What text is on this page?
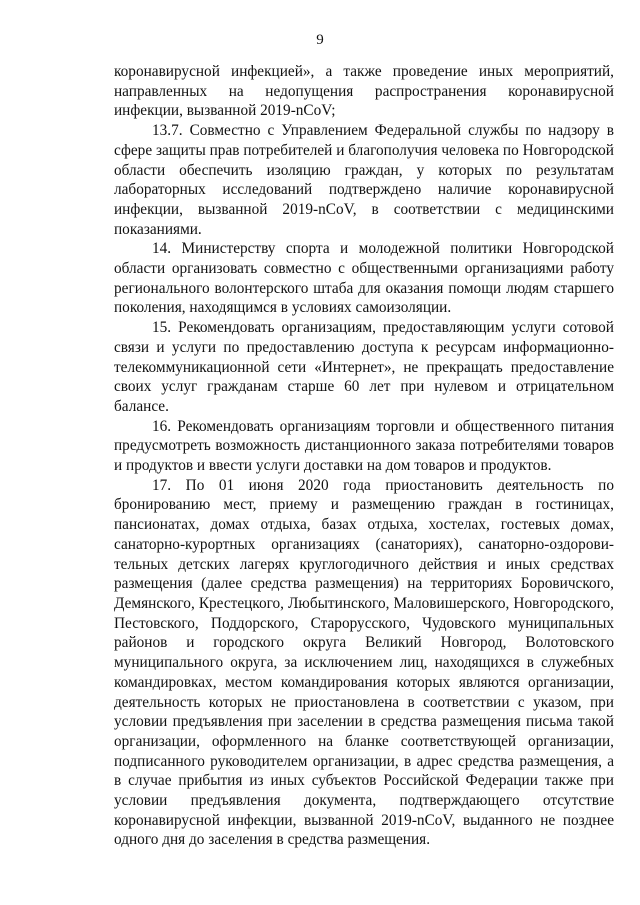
9

коронавирусной инфекцией», а также проведение иных мероприятий, направленных на недопущения распространения коронавирусной инфекции, вызванной 2019-nCoV;

13.7. Совместно с Управлением Федеральной службы по надзору в сфере защиты прав потребителей и благополучия человека по Новгородской области обеспечить изоляцию граждан, у которых по результатам лабораторных исследований подтверждено наличие коронавирусной инфекции, вызванной 2019-nCoV, в соответствии с медицинскими показаниями.

14. Министерству спорта и молодежной политики Новгородской области организовать совместно с общественными организациями работу регионального волонтерского штаба для оказания помощи людям старшего поколения, находящимся в условиях самоизоляции.

15. Рекомендовать организациям, предоставляющим услуги сотовой связи и услуги по предоставлению доступа к ресурсам информационно-телекоммуникационной сети «Интернет», не прекращать предоставление своих услуг гражданам старше 60 лет при нулевом и отрицательном балансе.

16. Рекомендовать организациям торговли и общественного питания предусмотреть возможность дистанционного заказа потребителями товаров и продуктов и ввести услуги доставки на дом товаров и продуктов.

17. По 01 июня 2020 года приостановить деятельность по бронированию мест, приему и размещению граждан в гостиницах, пансионатах, домах отдыха, базах отдыха, хостелах, гостевых домах, санаторно-курортных организациях (санаториях), санаторно-оздоровительных детских лагерях круглогодичного действия и иных средствах размещения (далее средства размещения) на территориях Боровичского, Демянского, Крестецкого, Любытинского, Маловишерского, Новгородского, Пестовского, Поддорского, Старорусского, Чудовского муниципальных районов и городского округа Великий Новгород, Волотовского муниципального округа, за исключением лиц, находящихся в служебных командировках, местом командирования которых являются организации, деятельность которых не приостановлена в соответствии с указом, при условии предъявления при заселении в средства размещения письма такой организации, оформленного на бланке соответствующей организации, подписанного руководителем организации, в адрес средства размещения, а в случае прибытия из иных субъектов Российской Федерации также при условии предъявления документа, подтверждающего отсутствие коронавирусной инфекции, вызванной 2019-nCoV, выданного не позднее одного дня до заселения в средства размещения.
